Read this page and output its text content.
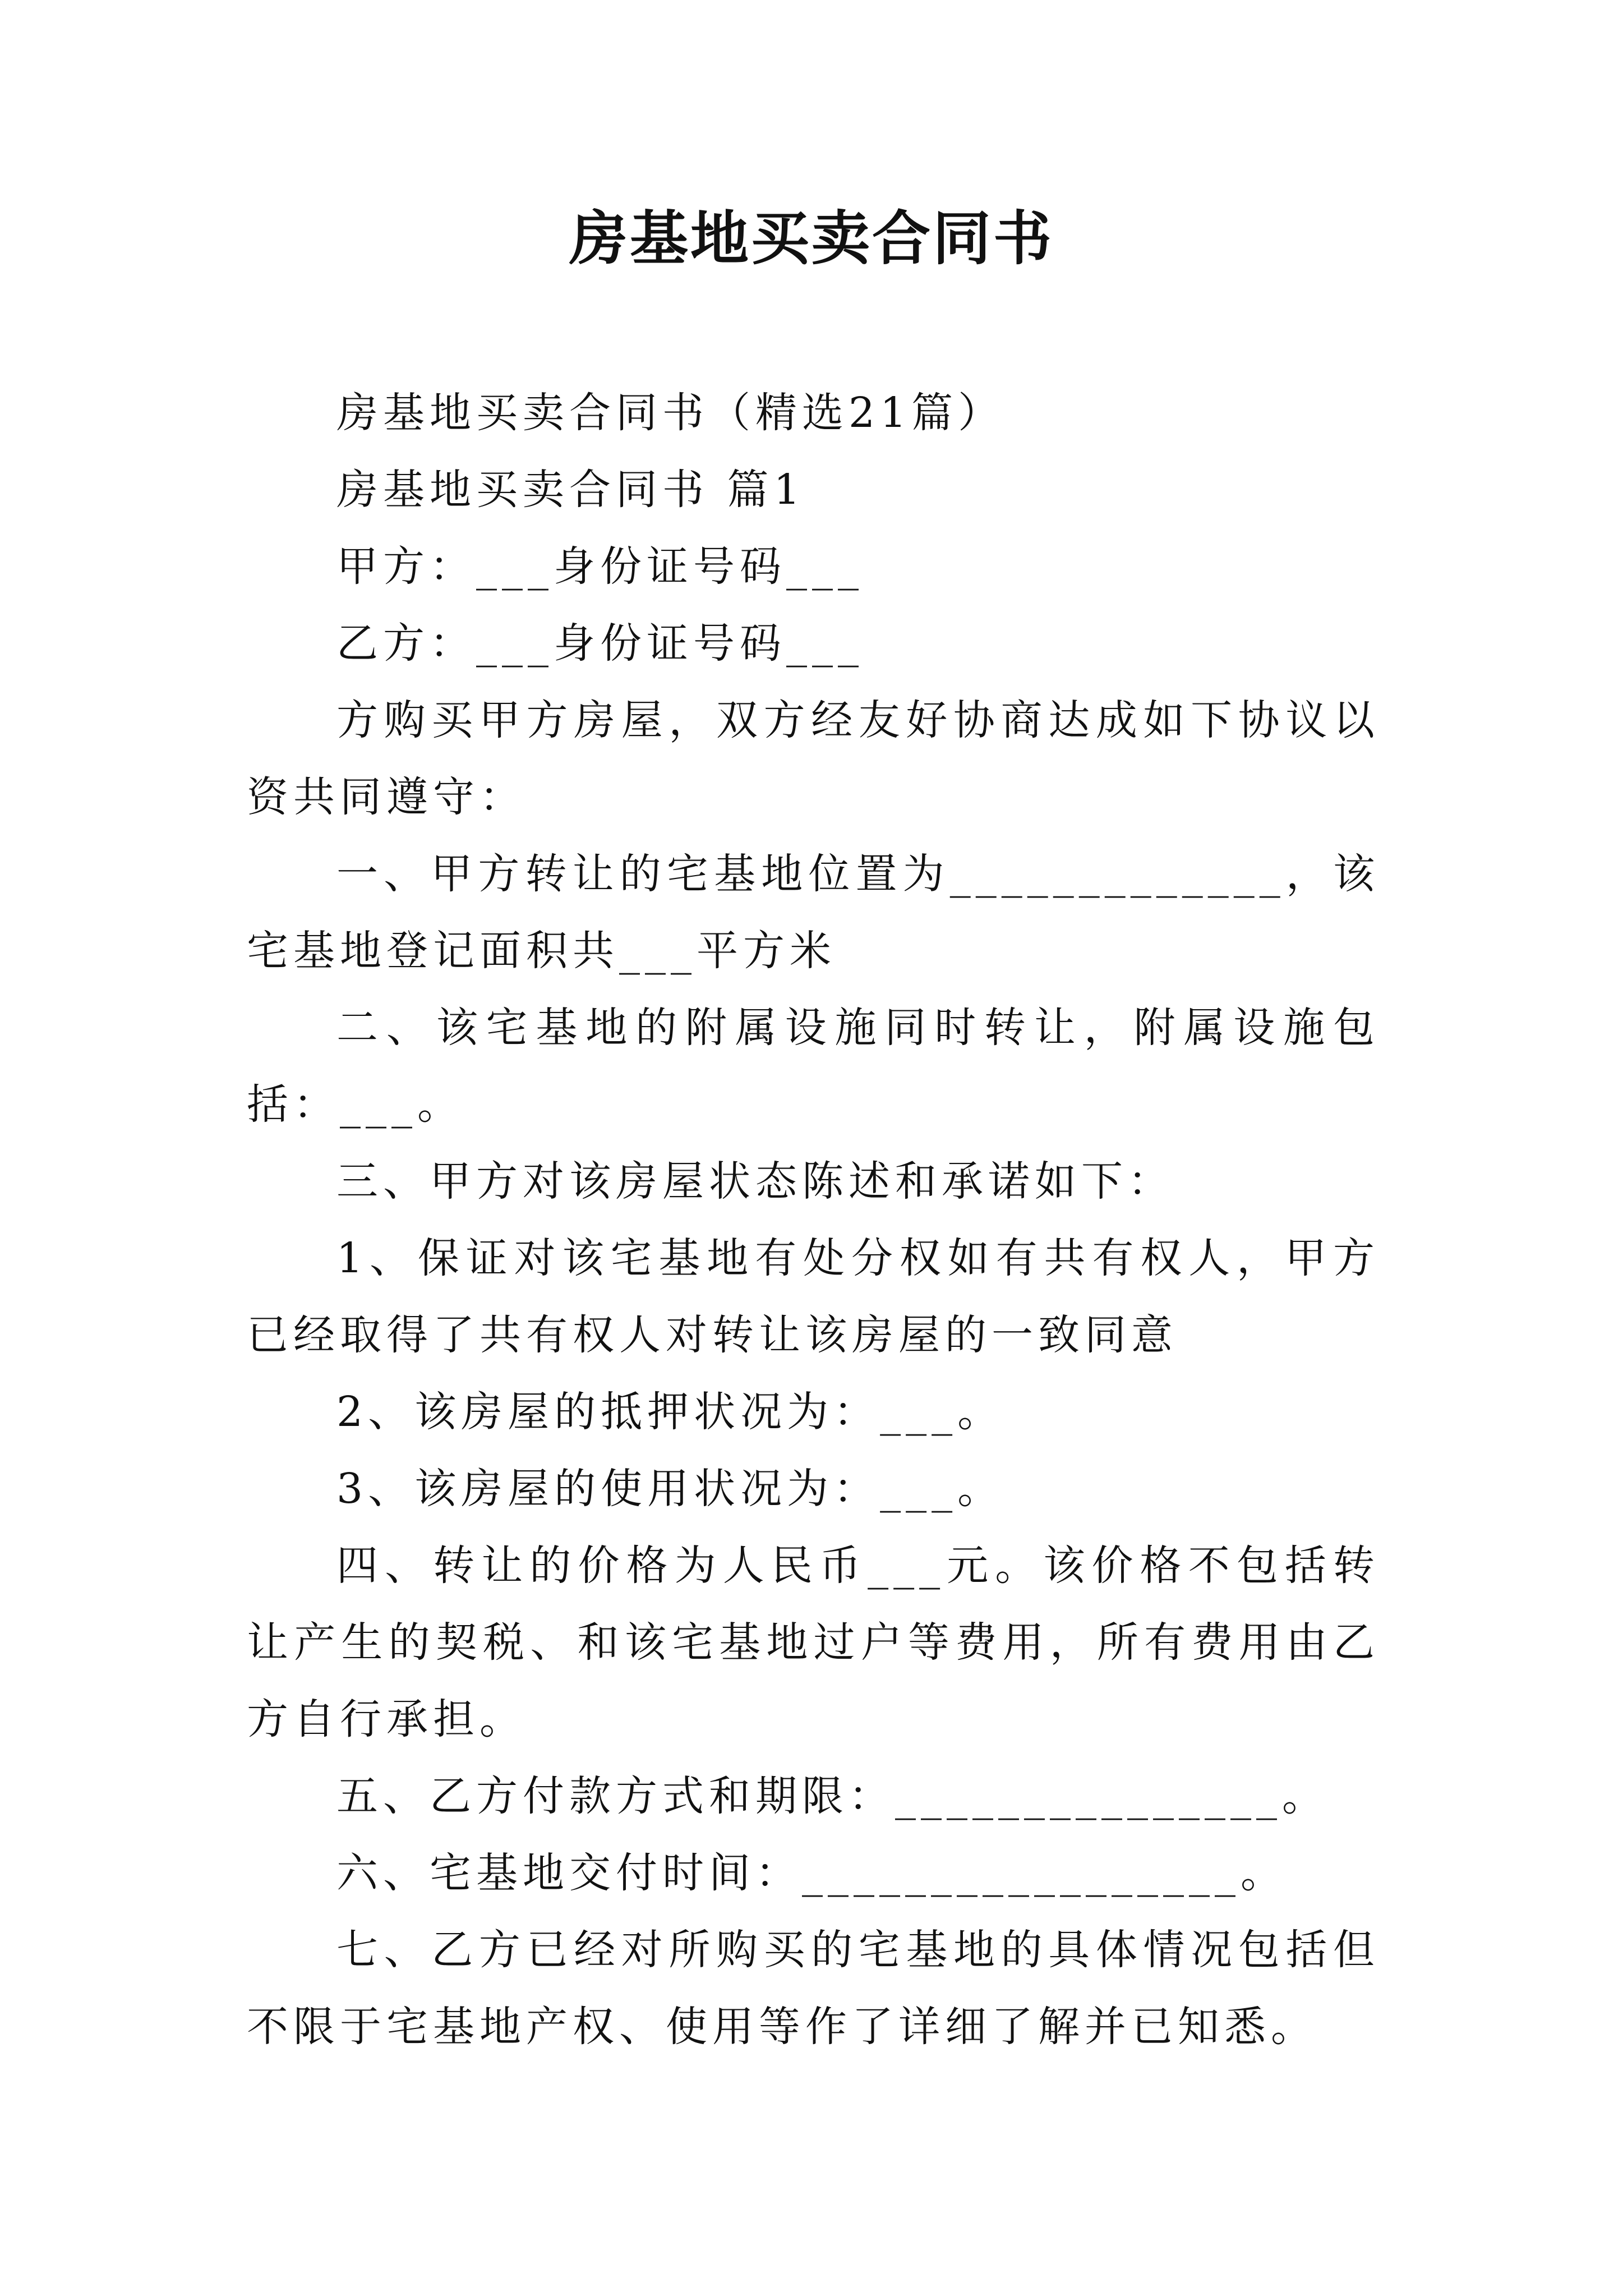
房基地买卖合同书

房基地买卖合同书（精选21篇）

房基地买卖合同书 篇1

甲方：___身份证号码___

乙方：___身份证号码___

方购买甲方房屋，双方经友好协商达成如下协议以资共同遵守：

一、甲方转让的宅基地位置为_____________，该宅基地登记面积共___平方米

二、该宅基地的附属设施同时转让，附属设施包括：___。

三、甲方对该房屋状态陈述和承诺如下：

1、保证对该宅基地有处分权如有共有权人，甲方已经取得了共有权人对转让该房屋的一致同意

2、该房屋的抵押状况为：___。

3、该房屋的使用状况为：___。

四、转让的价格为人民币___元。该价格不包括转让产生的契税、和该宅基地过户等费用，所有费用由乙方自行承担。

五、乙方付款方式和期限：_______________。

六、宅基地交付时间：_________________。

七、乙方已经对所购买的宅基地的具体情况包括但不限于宅基地产权、使用等作了详细了解并已知悉。
